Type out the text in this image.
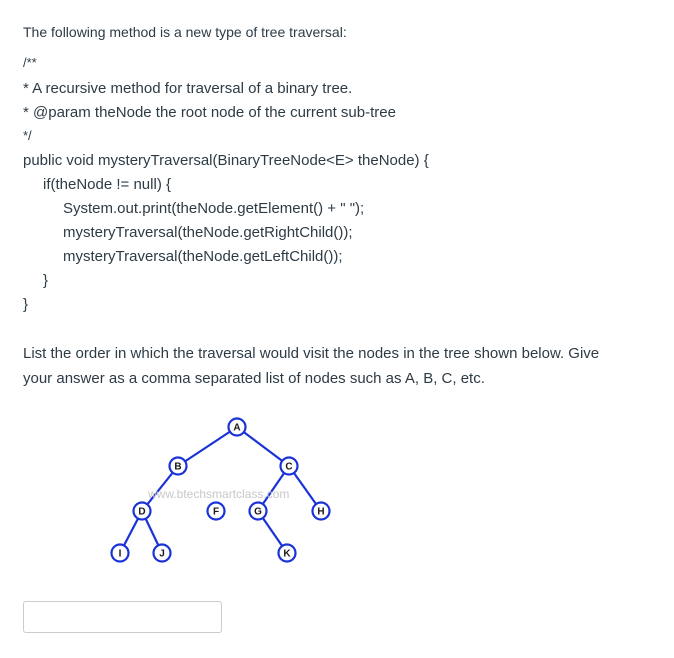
The following method is a new type of tree traversal:
/**
* A recursive method for traversal of a binary tree.
* @param theNode the root node of the current sub-tree
*/
public void mysteryTraversal(BinaryTreeNode<E> theNode) {
if(theNode != null) {
System.out.print(theNode.getElement() + " ");
mysteryTraversal(theNode.getRightChild());
mysteryTraversal(theNode.getLeftChild());
}
}
List the order in which the traversal would visit the nodes in the tree shown below. Give
your answer as a comma separated list of nodes such as A, B, C, etc.
www.btechsmartclass.com
A
B	C
D	F	G	H
I	J	K
